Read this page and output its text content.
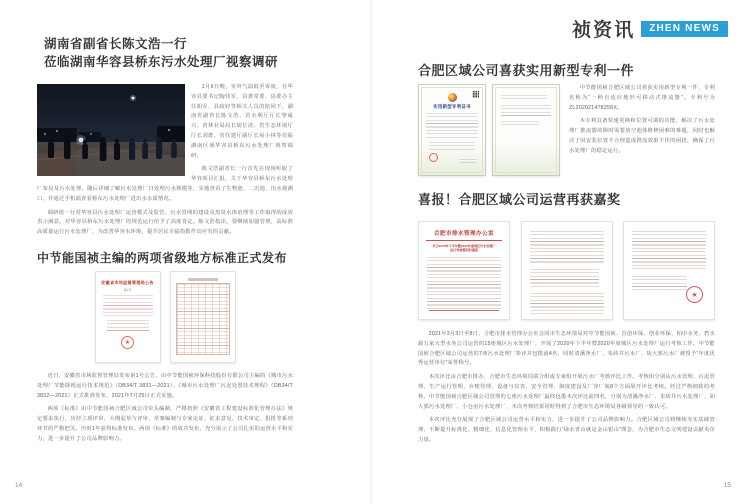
祯资讯	ZHEN NEWS
湖南省副省长陈文浩一行
莅临湖南华容县桥东污水处理厂视察调研

1月6日晚，室外气温低至零度，在华容县委书记陶伟军、县委常委、县委办主任胡军、县政府等相关人员的陪同下，湖南省副省长陈文浩、省水利厅厅长黎咸兴、省林业局局长胡长清、省生态环境厅厅长刘群、省住建厅副厅长易小林等莅临湖南区域华容县桥东污水处理厂视察调研。

陈文浩副省长一行首先在现场听取了华容项目汇报，关于华容县桥东污水处理厂布局及污水处理。随后详细了解污水处理厂日处理污水规模等，实地查看了生物池、二沉池、出水观测口，并通过手机端查看桥东污水处理厂进出水水质情况。

调研组一行对华容县污水处理厂运营模式及监管、污水管网的建设及黑臭水体治理等工作取得的成效表示满意。对华容县桥东污水处理厂的规范运行给予了高度肯定。陈文浩指出，要继续加强管理，高标准高质量运行污水处理厂，为改善华容水环境，提升居民幸福指数作出应有的贡献。

中节能国祯主编的两项省级地方标准正式发布
安徽省市场监督管理局公告
第1号
★

近日，安徽省市场监督管理局发布第1号公告，由中节能国祯环保科技股份有限公司主编的《城市污水处理厂节能降耗运行技术规范》（DB34/T 3831—2021）、《城市污水处理厂污泥处置技术规程》（DB34/T 3832—2021）正式批准发布，2021年7月25日正式实施。

两项《标准》由中节能国祯合肥区域公司牵头编制，严格按照《安徽省工程建设标准化管理办法》规定要求执行，历经立项评审、大纲起草与评审、草案编制与专家论证、征求意见、技术审定、报批等系列环节的严格把关，历时1年获得标准发布。两项《标准》的成功发布，充分展示了公司扎实的运营水平和实力，进一步提升了公司品牌影响力。

14
合肥区域公司喜获实用新型专利一件
实用新型专利证书

中节能国祯合肥区域公司喜获实用新型专利一件，专利名称为“一种自适应地形可移动式推流器”。专利号为ZL202021478258X。

本专利具备快速更换和位置可调的功能，解决了污水处理厂推流器故障时需要放空池体维修困难的难题，同时也解决了因安装位置不合理造成推流效果不佳的困扰，确保了污水处理厂的稳定运行。

喜报！合肥区域公司运营再获嘉奖
合肥市排水管理办公室
关于2020年下半年暨2020年度城区污水处理厂运行考核情况的通报
★

2021年3月3日至8日，合肥市排水管理办公室会同市生态环境局对中节能国祯、首创环保、创业环保、柏中水务、碧水源五家大型水务公司运营的15座城区污水处理厂，开展了2020年下半年暨2020年度城区污水处理厂运行考核工作。中节能国祯合肥区域公司运营的7座污水处理厂参评并包揽前4名，同时清溪净水厂、朱砖井污水厂、胡大郢污水厂被授予“年度优秀运营单位”荣誉称号。

本次评比由合肥市排办、合肥市生态环境局联合组成专家组开展污水厂考核评比工作。考核组分别从污水管理、污泥管理、生产运行管理、台账管理、设备与仪表、安全管理、制度建设及厂容厂貌8个方面展开评比考核。经过严格细致的考核，中节能国祯合肥区域公司管理的七座污水处理厂最终包揽本次评比前四名，分别为清溪净水厂、朱砖井污水处理厂、胡大郢污水处理厂、小仓房污水处理厂，本次考核结果同时得到了合肥市生态环境局各级领导的一致认可。

本次评比充分展现了合肥区域公司运营水平和实力，进一步提升了公司品牌影响力。合肥区域公司将继续夯实基础管理，不断提升标准化、精细化、信息化管理水平，积极践行“绿水青山就是金山银山”理念，为合肥市生态文明建设贡献央企力量。

15
